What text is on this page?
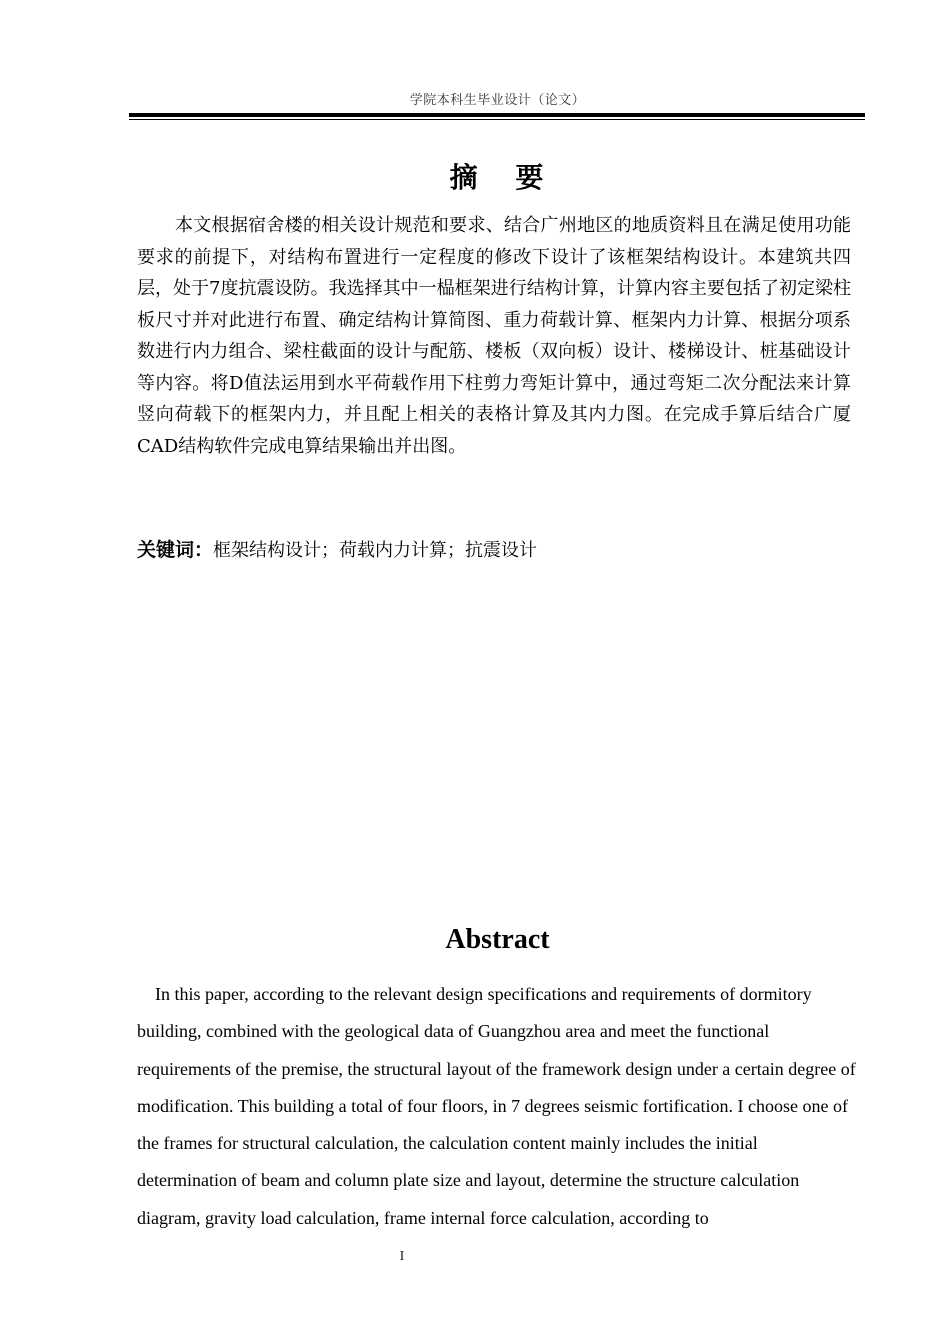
学院本科生毕业设计（论文）
摘 要

本文根据宿舍楼的相关设计规范和要求、结合广州地区的地质资料且在满足使用功能要求的前提下，对结构布置进行一定程度的修改下设计了该框架结构设计。本建筑共四层，处于7度抗震设防。我选择其中一榀框架进行结构计算，计算内容主要包括了初定梁柱板尺寸并对此进行布置、确定结构计算简图、重力荷载计算、框架内力计算、根据分项系数进行内力组合、梁柱截面的设计与配筋、楼板（双向板）设计、楼梯设计、桩基础设计等内容。将D值法运用到水平荷载作用下柱剪力弯矩计算中，通过弯矩二次分配法来计算竖向荷载下的框架内力，并且配上相关的表格计算及其内力图。在完成手算后结合广厦CAD结构软件完成电算结果输出并出图。

关键词：框架结构设计；荷载内力计算；抗震设计
Abstract

In this paper, according to the relevant design specifications and requirements of dormitory building, combined with the geological data of Guangzhou area and meet the functional requirements of the premise, the structural layout of the framework design under a certain degree of modification. This building a total of four floors, in 7 degrees seismic fortification. I choose one of the frames for structural calculation, the calculation content mainly includes the initial determination of beam and column plate size and layout, determine the structure calculation diagram, gravity load calculation, frame internal force calculation, according to

I
